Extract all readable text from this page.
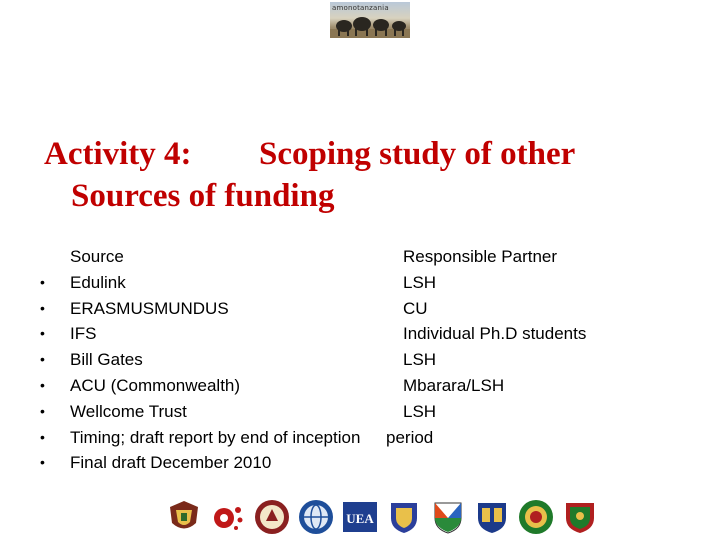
amonotanzania
Activity 4: Scoping study of other
Sources of funding
Source	Responsible Partner
• Edulink	LSH
• ERASMUSMUNDUS	CU
• IFS	Individual Ph.D students
• Bill Gates	LSH
• ACU (Commonwealth)	Mbarara/LSH
• Wellcome Trust	LSH
• Timing; draft report by end of inception period
• Final draft December 2010
UEA
